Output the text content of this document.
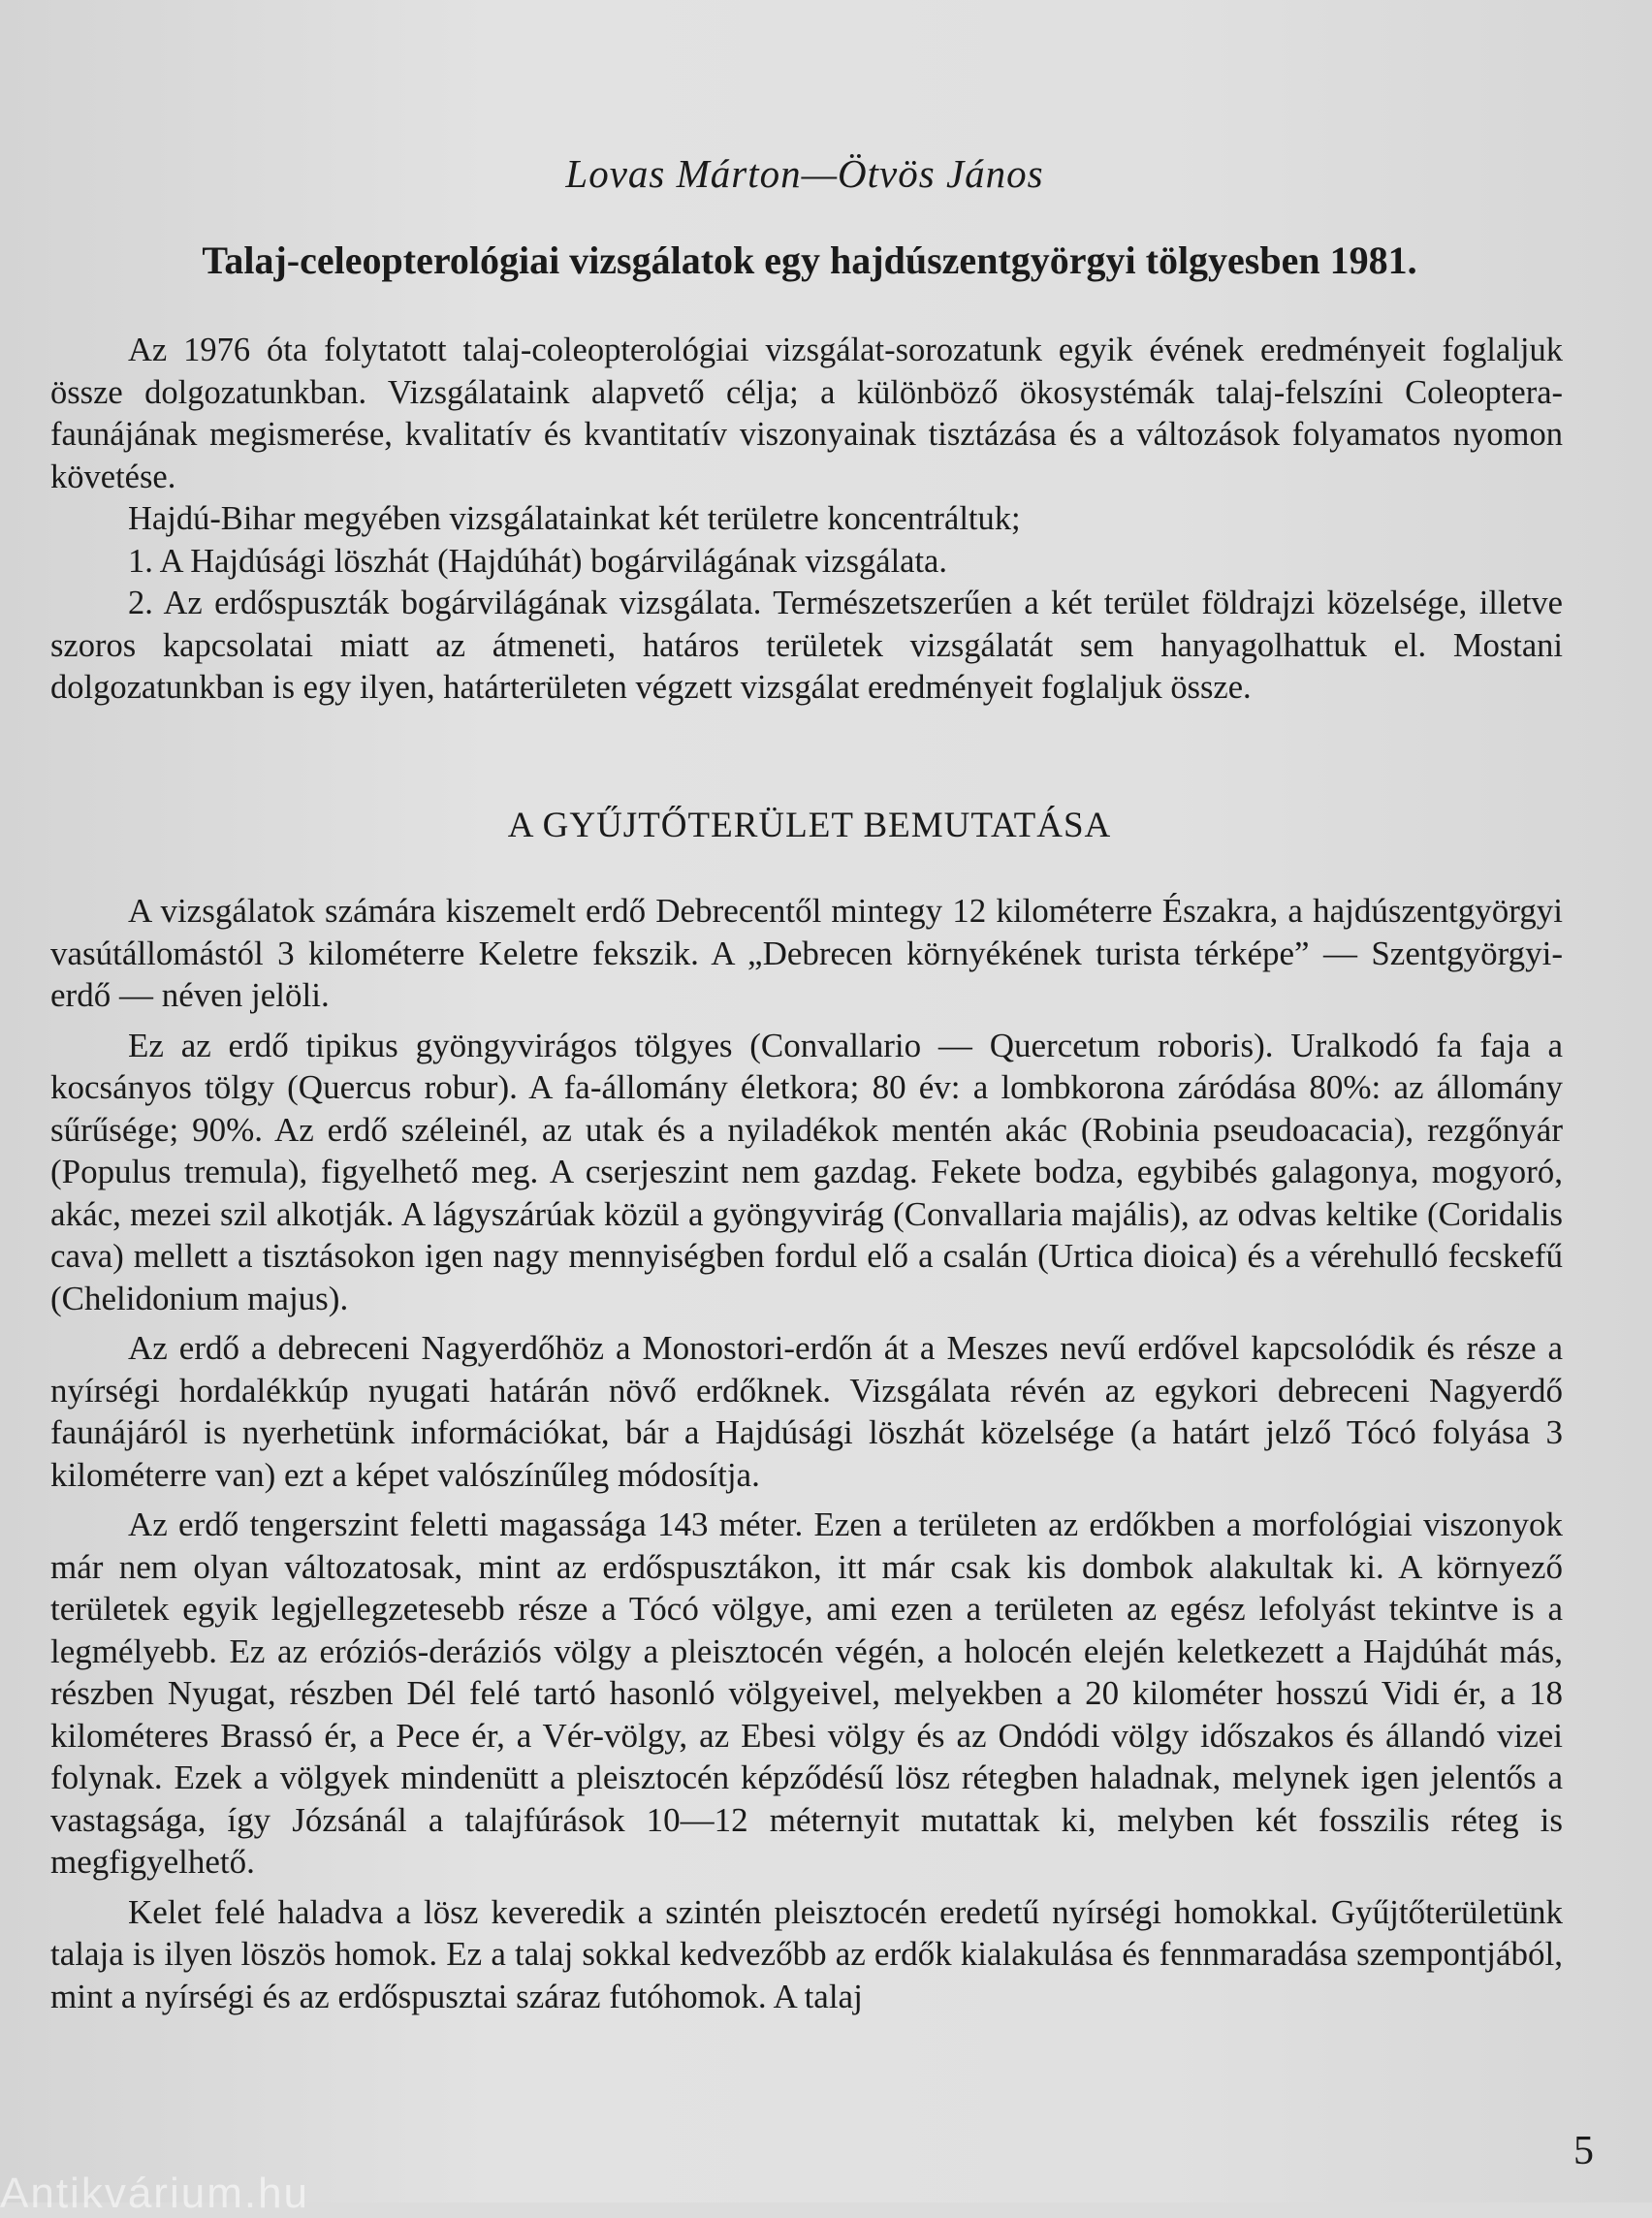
Lovas Márton—Ötvös János
Talaj-celeopterológiai vizsgálatok egy hajdúszentgyörgyi tölgyesben 1981.

Az 1976 óta folytatott talaj-coleopterológiai vizsgálat-sorozatunk egyik évének eredményeit foglaljuk össze dolgozatunkban. Vizsgálataink alapvető célja; a különböző ökosystémák talaj-felszíni Coleoptera-faunájának megismerése, kvalitatív és kvantitatív viszonyainak tisztázása és a változások folyamatos nyomon követése.

Hajdú-Bihar megyében vizsgálatainkat két területre koncentráltuk;

1. A Hajdúsági löszhát (Hajdúhát) bogárvilágának vizsgálata.

2. Az erdőspuszták bogárvilágának vizsgálata. Természetszerűen a két terület földrajzi közelsége, illetve szoros kapcsolatai miatt az átmeneti, határos területek vizsgálatát sem hanyagolhattuk el. Mostani dolgozatunkban is egy ilyen, határterületen végzett vizsgálat eredményeit foglaljuk össze.

A GYŰJTŐTERÜLET BEMUTATÁSA

A vizsgálatok számára kiszemelt erdő Debrecentől mintegy 12 kilométerre Északra, a hajdúszentgyörgyi vasútállomástól 3 kilométerre Keletre fekszik. A „Debrecen környékének turista térképe” — Szentgyörgyi-erdő — néven jelöli.

Ez az erdő tipikus gyöngyvirágos tölgyes (Convallario — Quercetum roboris). Uralkodó fa faja a kocsányos tölgy (Quercus robur). A fa-állomány életkora; 80 év: a lombkorona záródása 80%: az állomány sűrűsége; 90%. Az erdő széleinél, az utak és a nyiladékok mentén akác (Robinia pseudoacacia), rezgőnyár (Populus tremula), figyelhető meg. A cserjeszint nem gazdag. Fekete bodza, egybibés galagonya, mogyoró, akác, mezei szil alkotják. A lágyszárúak közül a gyöngyvirág (Convallaria majális), az odvas keltike (Coridalis cava) mellett a tisztásokon igen nagy mennyiségben fordul elő a csalán (Urtica dioica) és a vérehulló fecskefű (Chelidonium majus).

Az erdő a debreceni Nagyerdőhöz a Monostori-erdőn át a Meszes nevű erdővel kapcsolódik és része a nyírségi hordalékkúp nyugati határán növő erdőknek. Vizsgálata révén az egykori debreceni Nagyerdő faunájáról is nyerhetünk információkat, bár a Hajdúsági löszhát közelsége (a határt jelző Tócó folyása 3 kilométerre van) ezt a képet valószínűleg módosítja.

Az erdő tengerszint feletti magassága 143 méter. Ezen a területen az erdőkben a morfológiai viszonyok már nem olyan változatosak, mint az erdőspusztákon, itt már csak kis dombok alakultak ki. A környező területek egyik legjellegzetesebb része a Tócó völgye, ami ezen a területen az egész lefolyást tekintve is a legmélyebb. Ez az eróziós-deráziós völgy a pleisztocén végén, a holocén elején keletkezett a Hajdúhát más, részben Nyugat, részben Dél felé tartó hasonló völgyeivel, melyekben a 20 kilométer hosszú Vidi ér, a 18 kilométeres Brassó ér, a Pece ér, a Vér-völgy, az Ebesi völgy és az Ondódi völgy időszakos és állandó vizei folynak. Ezek a völgyek mindenütt a pleisztocén képződésű lösz rétegben haladnak, melynek igen jelentős a vastagsága, így Józsánál a talajfúrások 10—12 méternyit mutattak ki, melyben két fosszilis réteg is megfigyelhető.

Kelet felé haladva a lösz keveredik a szintén pleisztocén eredetű nyírségi homokkal. Gyűjtőterületünk talaja is ilyen löszös homok. Ez a talaj sokkal kedvezőbb az erdők kialakulása és fennmaradása szempontjából, mint a nyírségi és az erdőspusztai száraz futóhomok. A talaj

5
Antikvárium.hu
